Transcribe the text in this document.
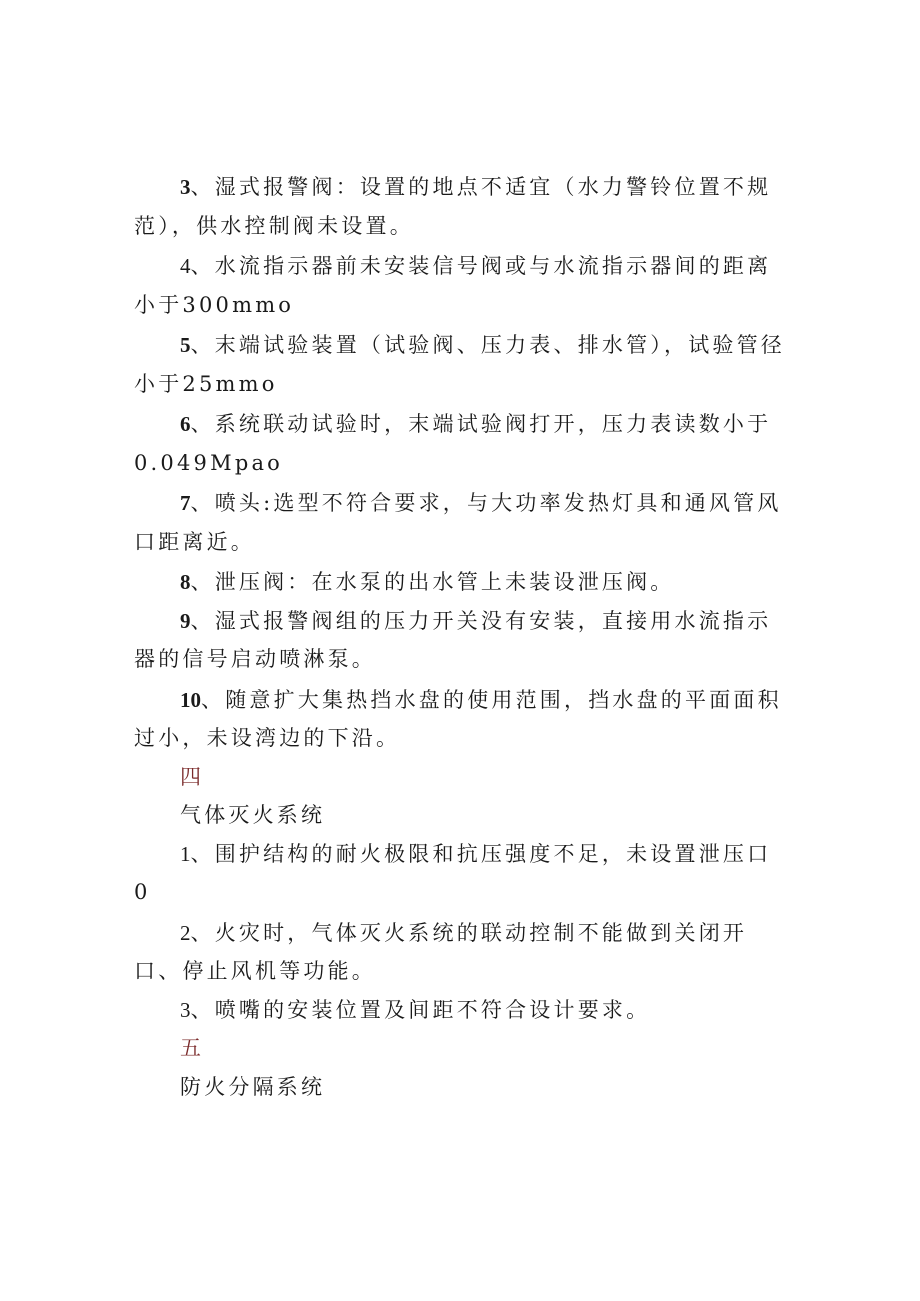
3、湿式报警阀：设置的地点不适宜（水力警铃位置不规范），供水控制阀未设置。

4、水流指示器前未安装信号阀或与水流指示器间的距离小于300mmo

5、末端试验装置（试验阀、压力表、排水管），试验管径小于25mmo

6、系统联动试验时，末端试验阀打开，压力表读数小于0.049Mpao

7、喷头:选型不符合要求，与大功率发热灯具和通风管风口距离近。

8、泄压阀：在水泵的出水管上未装设泄压阀。

9、湿式报警阀组的压力开关没有安装，直接用水流指示器的信号启动喷淋泵。

10、随意扩大集热挡水盘的使用范围，挡水盘的平面面积过小，未设湾边的下沿。

四

气体灭火系统

1、围护结构的耐火极限和抗压强度不足，未设置泄压口0

2、火灾时，气体灭火系统的联动控制不能做到关闭开口、停止风机等功能。

3、喷嘴的安装位置及间距不符合设计要求。

五

防火分隔系统
